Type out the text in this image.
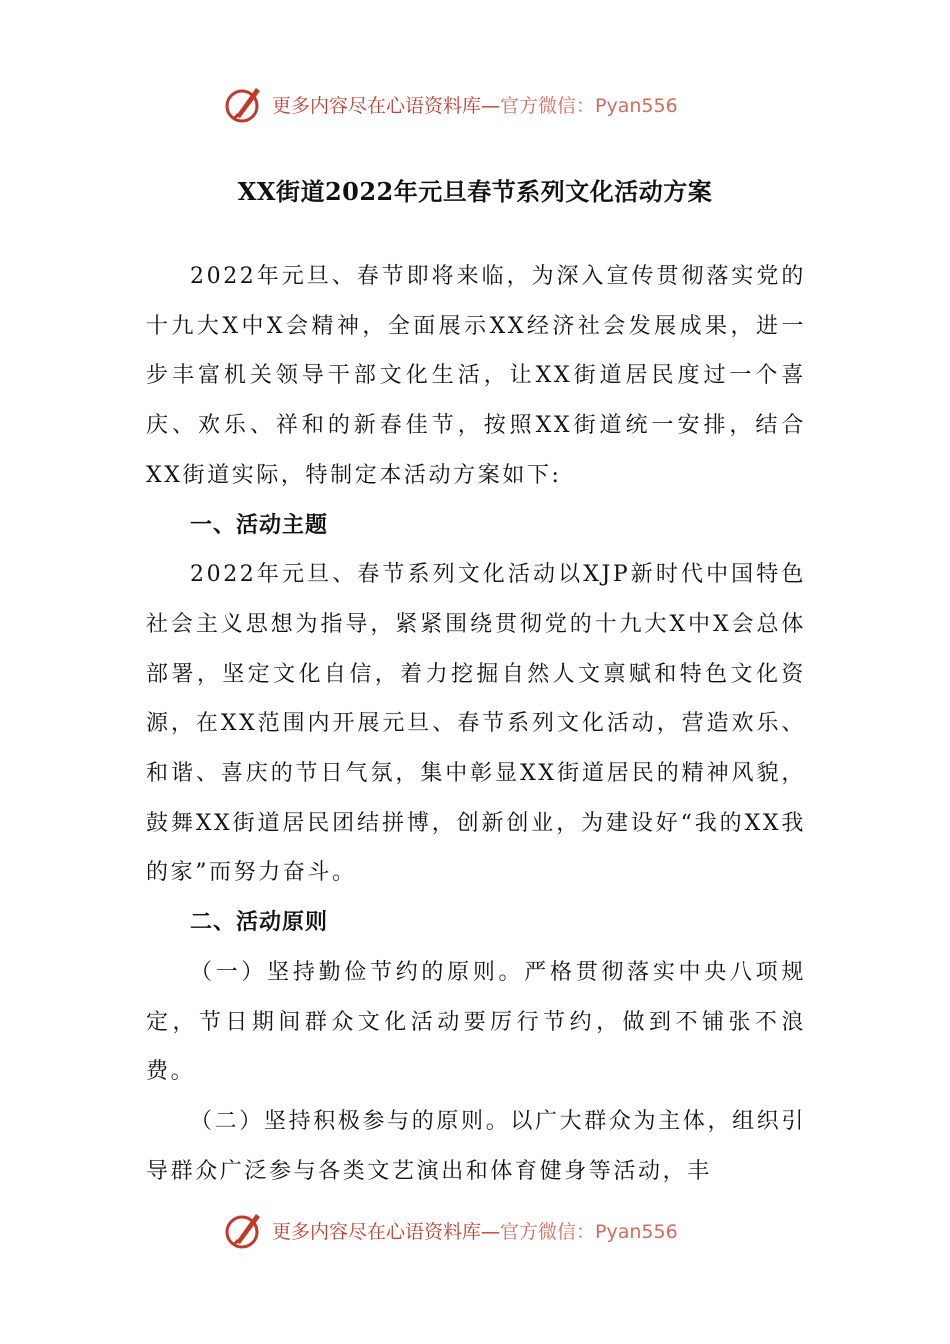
更多内容尽在心语资料库—官方微信：Pyan556
XX街道2022年元旦春节系列文化活动方案

2022年元旦、春节即将来临，为深入宣传贯彻落实党的十九大X中X会精神，全面展示XX经济社会发展成果，进一步丰富机关领导干部文化生活，让XX街道居民度过一个喜庆、欢乐、祥和的新春佳节，按照XX街道统一安排，结合XX街道实际，特制定本活动方案如下:

一、活动主题

2022年元旦、春节系列文化活动以XJP新时代中国特色社会主义思想为指导，紧紧围绕贯彻党的十九大X中X会总体部署，坚定文化自信，着力挖掘自然人文禀赋和特色文化资源，在XX范围内开展元旦、春节系列文化活动，营造欢乐、和谐、喜庆的节日气氛，集中彰显XX街道居民的精神风貌，鼓舞XX街道居民团结拼博，创新创业，为建设好“我的XX我的家”而努力奋斗。

二、活动原则

（一）坚持勤俭节约的原则。严格贯彻落实中央八项规定，节日期间群众文化活动要厉行节约，做到不铺张不浪费。

（二）坚持积极参与的原则。以广大群众为主体，组织引导群众广泛参与各类文艺演出和体育健身等活动，丰

更多内容尽在心语资料库—官方微信：Pyan556
